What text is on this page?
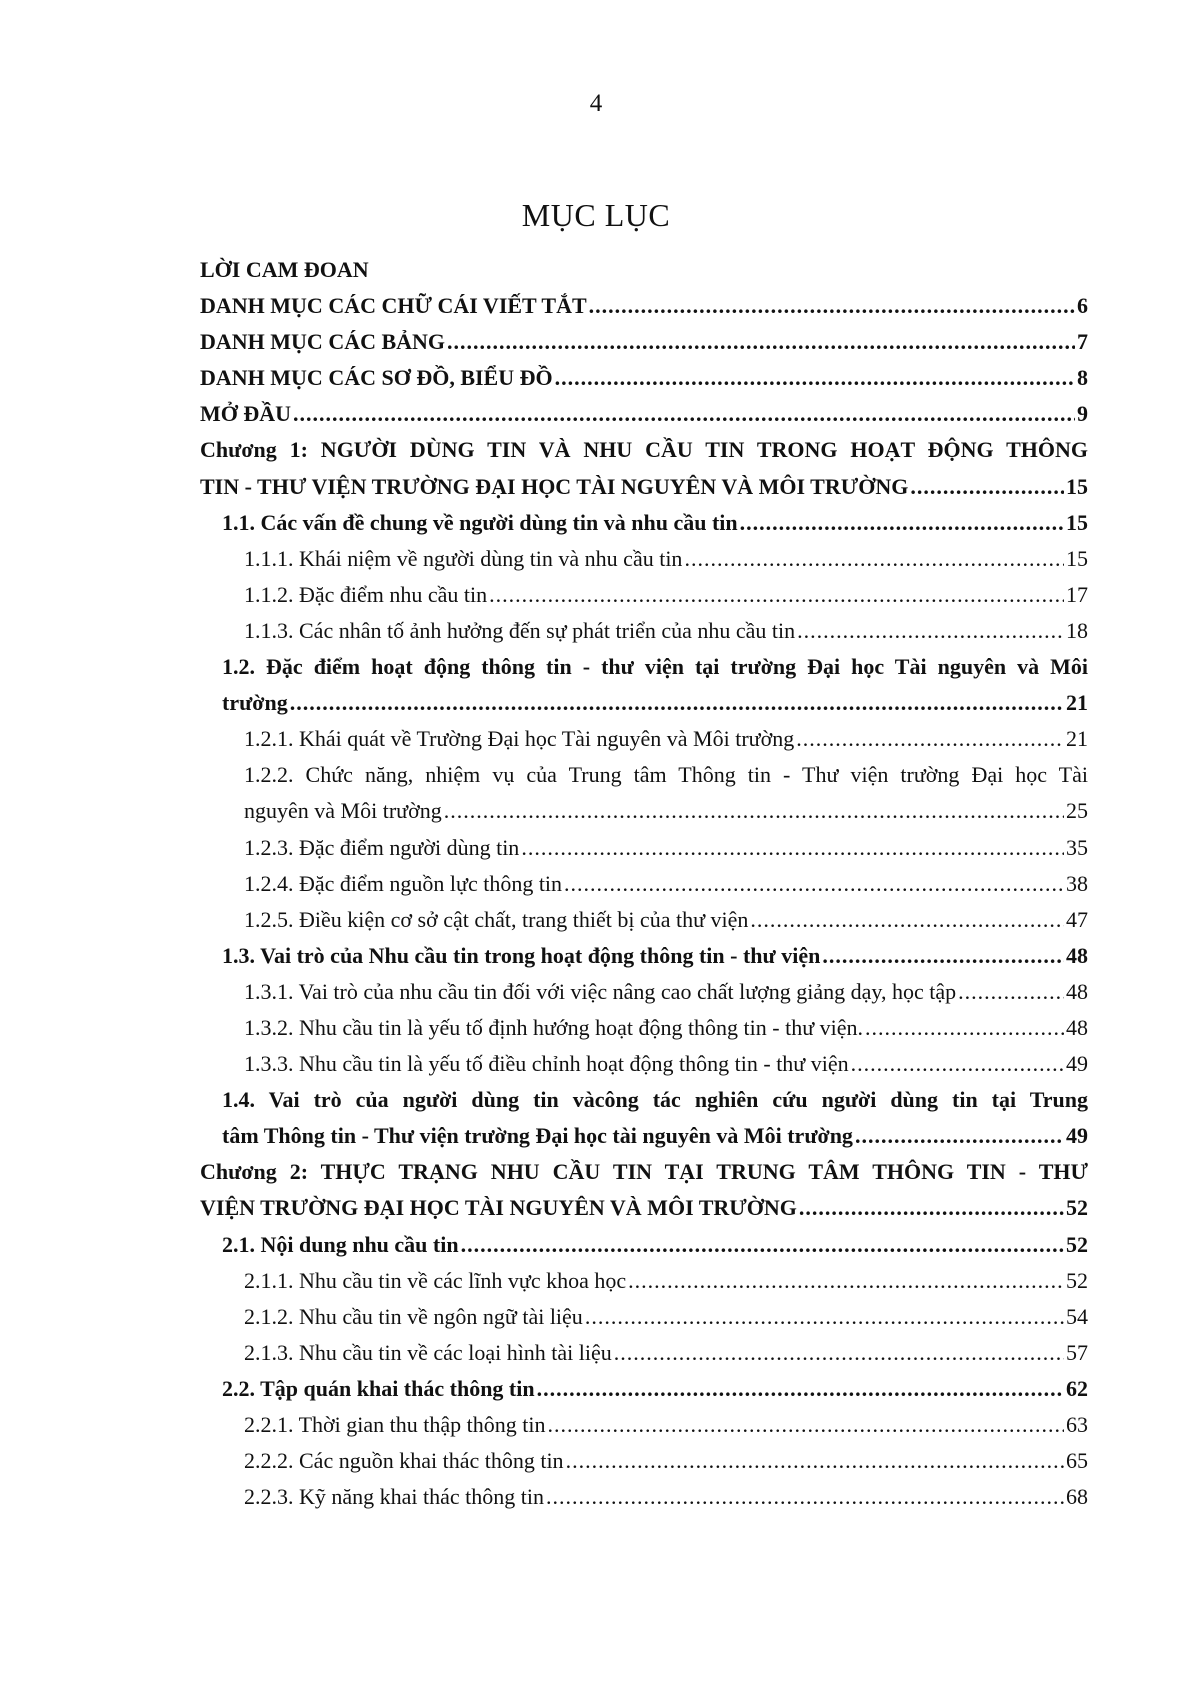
4
MỤC LỤC
LỜI CAM ĐOAN
DANH MỤC CÁC CHỮ CÁI VIẾT TẮT .....	6
DANH MỤC CÁC BẢNG .....	7
DANH MỤC CÁC SƠ ĐỒ, BIỂU ĐỒ .....	8
MỞ ĐẦU .....	9
Chương 1: NGƯỜI DÙNG TIN VÀ NHU CẦU TIN TRONG HOẠT ĐỘNG THÔNG
TIN - THƯ VIỆN TRƯỜNG ĐẠI HỌC TÀI NGUYÊN VÀ MÔI TRƯỜNG .....	15
1.1. Các vấn đề chung về người dùng tin và nhu cầu tin .....	15
1.1.1. Khái niệm về người dùng tin và nhu cầu tin .....	15
1.1.2. Đặc điểm nhu cầu tin .....	17
1.1.3. Các nhân tố ảnh hưởng đến sự phát triển của nhu cầu tin .....	18
1.2. Đặc điểm hoạt động thông tin - thư viện tại trường Đại học Tài nguyên và Môi
trường .....	21
1.2.1. Khái quát về Trường Đại học Tài nguyên và Môi trường .....	21
1.2.2. Chức năng, nhiệm vụ của Trung tâm Thông tin - Thư viện trường Đại học Tài
nguyên và Môi trường .....	25
1.2.3. Đặc điểm người dùng tin .....	35
1.2.4. Đặc điểm nguồn lực thông tin .....	38
1.2.5. Điều kiện cơ sở cật chất, trang thiết bị của thư viện .....	47
1.3. Vai trò của Nhu cầu tin trong hoạt động thông tin - thư viện .....	48
1.3.1. Vai trò của nhu cầu tin đối với việc nâng cao chất lượng giảng dạy, học tập .....	48
1.3.2. Nhu cầu tin là yếu tố định hướng hoạt động thông tin - thư viện. .....	48
1.3.3. Nhu cầu tin là yếu tố điều chỉnh hoạt động thông tin - thư viện .....	49
1.4. Vai trò của người dùng tin vàcông tác nghiên cứu người dùng tin tại Trung
tâm Thông tin - Thư viện trường Đại học tài nguyên và Môi trường .....	49
Chương 2: THỰC TRẠNG NHU CẦU TIN TẠI TRUNG TÂM THÔNG TIN - THƯ
VIỆN TRƯỜNG ĐẠI HỌC TÀI NGUYÊN VÀ MÔI TRƯỜNG .....	52
2.1. Nội dung nhu cầu tin .....	52
2.1.1. Nhu cầu tin về các lĩnh vực khoa học .....	52
2.1.2. Nhu cầu tin về ngôn ngữ tài liệu .....	54
2.1.3. Nhu cầu tin về các loại hình tài liệu .....	57
2.2. Tập quán khai thác thông tin .....	62
2.2.1. Thời gian thu thập thông tin .....	63
2.2.2. Các nguồn khai thác thông tin .....	65
2.2.3. Kỹ năng khai thác thông tin .....	68
